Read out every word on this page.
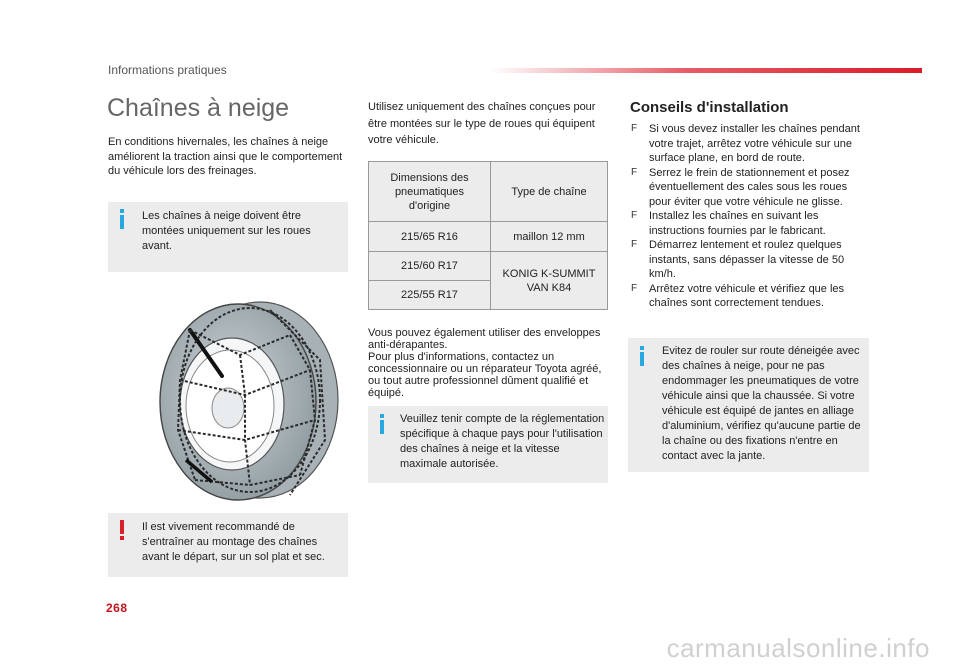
Informations pratiques
Chaînes à neige
En conditions hivernales, les chaînes à neige améliorent la traction ainsi que le comportement du véhicule lors des freinages.
Les chaînes à neige doivent être montées uniquement sur les roues avant.
Il est vivement recommandé de s'entraîner au montage des chaînes avant le départ, sur un sol plat et sec.
Utilisez uniquement des chaînes conçues pour être montées sur le type de roues qui équipent votre véhicule.
Dimensions des pneumatiques d'origine	Type de chaîne
215/65 R16	maillon 12 mm
215/60 R17	KONIG K-SUMMIT VAN K84
225/55 R17	
Vous pouvez également utiliser des enveloppes anti-dérapantes.
Pour plus d'informations, contactez un concessionnaire ou un réparateur Toyota agréé, ou tout autre professionnel dûment qualifié et équipé.
Veuillez tenir compte de la réglementation spécifique à chaque pays pour l'utilisation des chaînes à neige et la vitesse maximale autorisée.
Conseils d'installation
F Si vous devez installer les chaînes pendant votre trajet, arrêtez votre véhicule sur une surface plane, en bord de route.
F Serrez le frein de stationnement et posez éventuellement des cales sous les roues pour éviter que votre véhicule ne glisse.
F Installez les chaînes en suivant les instructions fournies par le fabricant.
F Démarrez lentement et roulez quelques instants, sans dépasser la vitesse de 50 km/h.
F Arrêtez votre véhicule et vérifiez que les chaînes sont correctement tendues.
Evitez de rouler sur route déneigée avec des chaînes à neige, pour ne pas endommager les pneumatiques de votre véhicule ainsi que la chaussée. Si votre véhicule est équipé de jantes en alliage d'aluminium, vérifiez qu'aucune partie de la chaîne ou des fixations n'entre en contact avec la jante.
268
carmanualsonline.info
